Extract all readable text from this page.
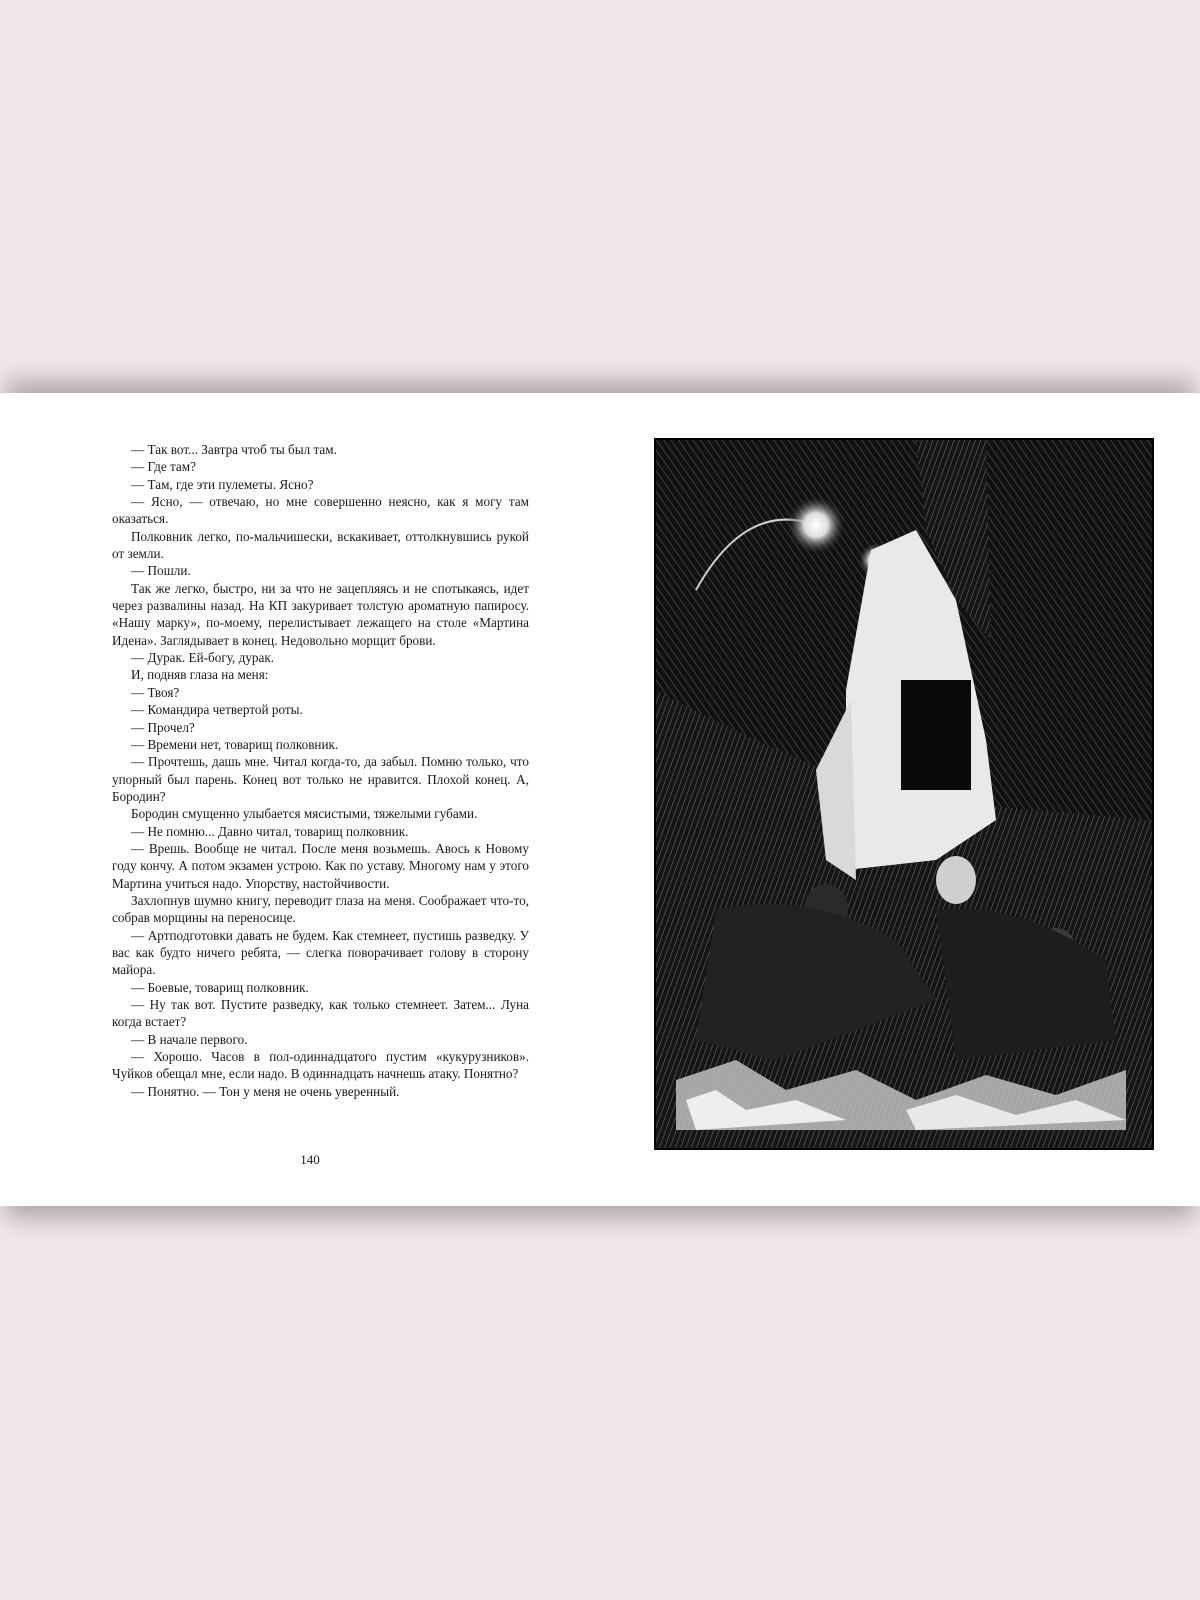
— Так вот... Завтра чтоб ты был там.

— Где там?

— Там, где эти пулеметы. Ясно?

— Ясно, — отвечаю, но мне совершенно неясно, как я могу там оказаться.

Полковник легко, по-мальчишески, вскакивает, оттолкнувшись рукой от земли.

— Пошли.

Так же легко, быстро, ни за что не зацепляясь и не спотыкаясь, идет через развалины назад. На КП закуривает толстую ароматную папиросу. «Нашу марку», по-моему, перелистывает лежащего на столе «Мартина Идена». Заглядывает в конец. Недовольно морщит брови.

— Дурак. Ей-богу, дурак.

И, подняв глаза на меня:

— Твоя?

— Командира четвертой роты.

— Прочел?

— Времени нет, товарищ полковник.

— Прочтешь, дашь мне. Читал когда-то, да забыл. Помню только, что упорный был парень. Конец вот только не нравится. Плохой конец. А, Бородин?

Бородин смущенно улыбается мясистыми, тяжелыми губами.

— Не помню... Давно читал, товарищ полковник.

— Врешь. Вообще не читал. После меня возьмешь. Авось к Новому году кончу. А потом экзамен устрою. Как по уставу. Многому нам у этого Мартина учиться надо. Упорству, настойчивости.

Захлопнув шумно книгу, переводит глаза на меня. Соображает что-то, собрав морщины на переносице.

— Артподготовки давать не будем. Как стемнеет, пустишь разведку. У вас как будто ничего ребята, — слегка поворачивает голову в сторону майора.

— Боевые, товарищ полковник.

— Ну так вот. Пустите разведку, как только стемнеет. Затем... Луна когда встает?

— В начале первого.

— Хорошо. Часов в пол-одиннадцатого пустим «кукурузников». Чуйков обещал мне, если надо. В одиннадцать начнешь атаку. Понятно?

— Понятно. — Тон у меня не очень уверенный.

140
